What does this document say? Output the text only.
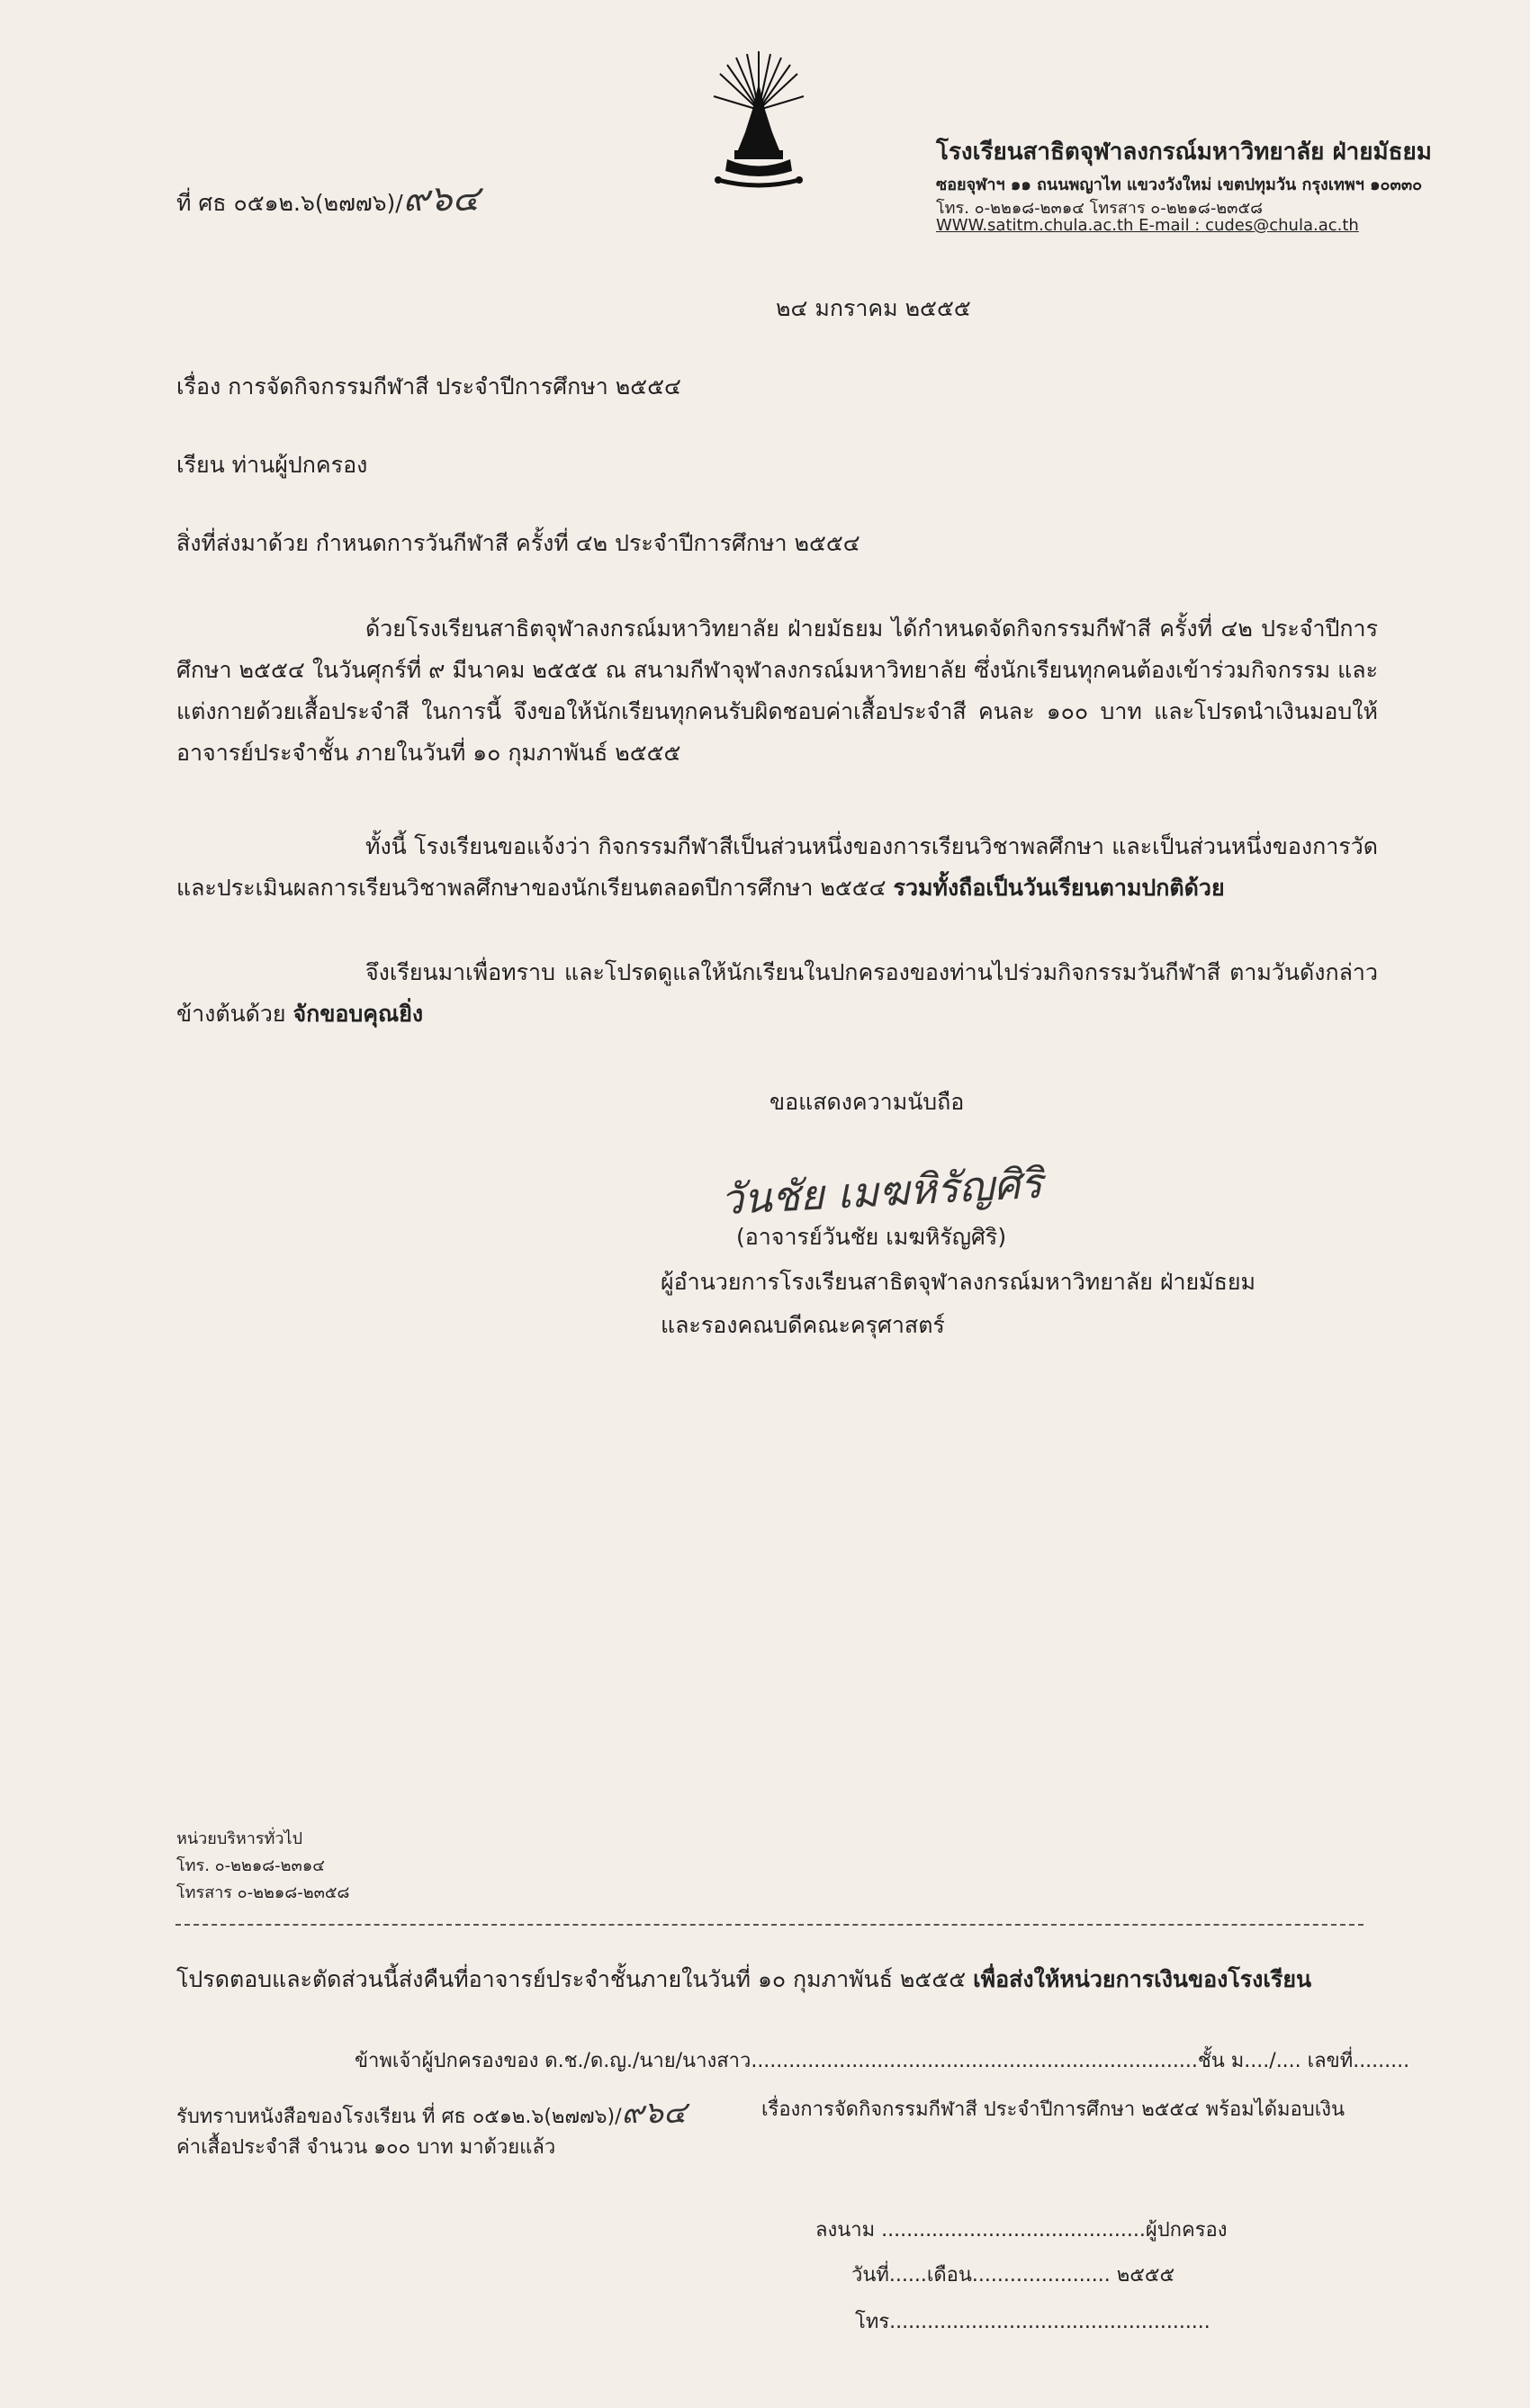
ที่ ศธ ๐๕๑๒.๖(๒๗๗๖)/๙๖๔
โรงเรียนสาธิตจุฬาลงกรณ์มหาวิทยาลัย ฝ่ายมัธยม
ซอยจุฬาฯ ๑๑ ถนนพญาไท แขวงวังใหม่ เขตปทุมวัน กรุงเทพฯ ๑๐๓๓๐
โทร. ๐-๒๒๑๘-๒๓๑๔ โทรสาร ๐-๒๒๑๘-๒๓๕๘
WWW.satitm.chula.ac.th E-mail : cudes@chula.ac.th
๒๔ มกราคม ๒๕๕๕
เรื่อง การจัดกิจกรรมกีฬาสี ประจำปีการศึกษา ๒๕๕๔
เรียน ท่านผู้ปกครอง
สิ่งที่ส่งมาด้วย กำหนดการวันกีฬาสี ครั้งที่ ๔๒ ประจำปีการศึกษา ๒๕๕๔
ด้วยโรงเรียนสาธิตจุฬาลงกรณ์มหาวิทยาลัย ฝ่ายมัธยม ได้กำหนดจัดกิจกรรมกีฬาสี ครั้งที่ ๔๒ ประจำปีการศึกษา ๒๕๕๔ ในวันศุกร์ที่ ๙ มีนาคม ๒๕๕๕ ณ สนามกีฬาจุฬาลงกรณ์มหาวิทยาลัย ซึ่งนักเรียนทุกคนต้องเข้าร่วมกิจกรรม และแต่งกายด้วยเสื้อประจำสี ในการนี้ จึงขอให้นักเรียนทุกคนรับผิดชอบค่าเสื้อประจำสี คนละ ๑๐๐ บาท และโปรดนำเงินมอบให้อาจารย์ประจำชั้น ภายในวันที่ ๑๐ กุมภาพันธ์ ๒๕๕๕
ทั้งนี้ โรงเรียนขอแจ้งว่า กิจกรรมกีฬาสีเป็นส่วนหนึ่งของการเรียนวิชาพลศึกษา และเป็นส่วนหนึ่งของการวัดและประเมินผลการเรียนวิชาพลศึกษาของนักเรียนตลอดปีการศึกษา ๒๕๕๔ รวมทั้งถือเป็นวันเรียนตามปกติด้วย
จึงเรียนมาเพื่อทราบ และโปรดดูแลให้นักเรียนในปกครองของท่านไปร่วมกิจกรรมวันกีฬาสี ตามวันดังกล่าวข้างต้นด้วย จักขอบคุณยิ่ง
ขอแสดงความนับถือ
วันชัย เมฆหิรัญศิริ
(อาจารย์วันชัย เมฆหิรัญศิริ)
ผู้อำนวยการโรงเรียนสาธิตจุฬาลงกรณ์มหาวิทยาลัย ฝ่ายมัธยม
และรองคณบดีคณะครุศาสตร์
หน่วยบริหารทั่วไป
โทร. ๐-๒๒๑๘-๒๓๑๔
โทรสาร ๐-๒๒๑๘-๒๓๕๘
โปรดตอบและตัดส่วนนี้ส่งคืนที่อาจารย์ประจำชั้นภายในวันที่ ๑๐ กุมภาพันธ์ ๒๕๕๕ เพื่อส่งให้หน่วยการเงินของโรงเรียน
ข้าพเจ้าผู้ปกครองของ ด.ช./ด.ญ./นาย/นางสาว.......................................................................ชั้น ม..../.... เลขที่.........
รับทราบหนังสือของโรงเรียน ที่ ศธ ๐๕๑๒.๖(๒๗๗๖)/๙๖๔	เรื่องการจัดกิจกรรมกีฬาสี ประจำปีการศึกษา ๒๕๕๔ พร้อมได้มอบเงิน
ค่าเสื้อประจำสี จำนวน ๑๐๐ บาท มาด้วยแล้ว
ลงนาม ..........................................ผู้ปกครอง
วันที่......เดือน...................... ๒๕๕๕
โทร...................................................
